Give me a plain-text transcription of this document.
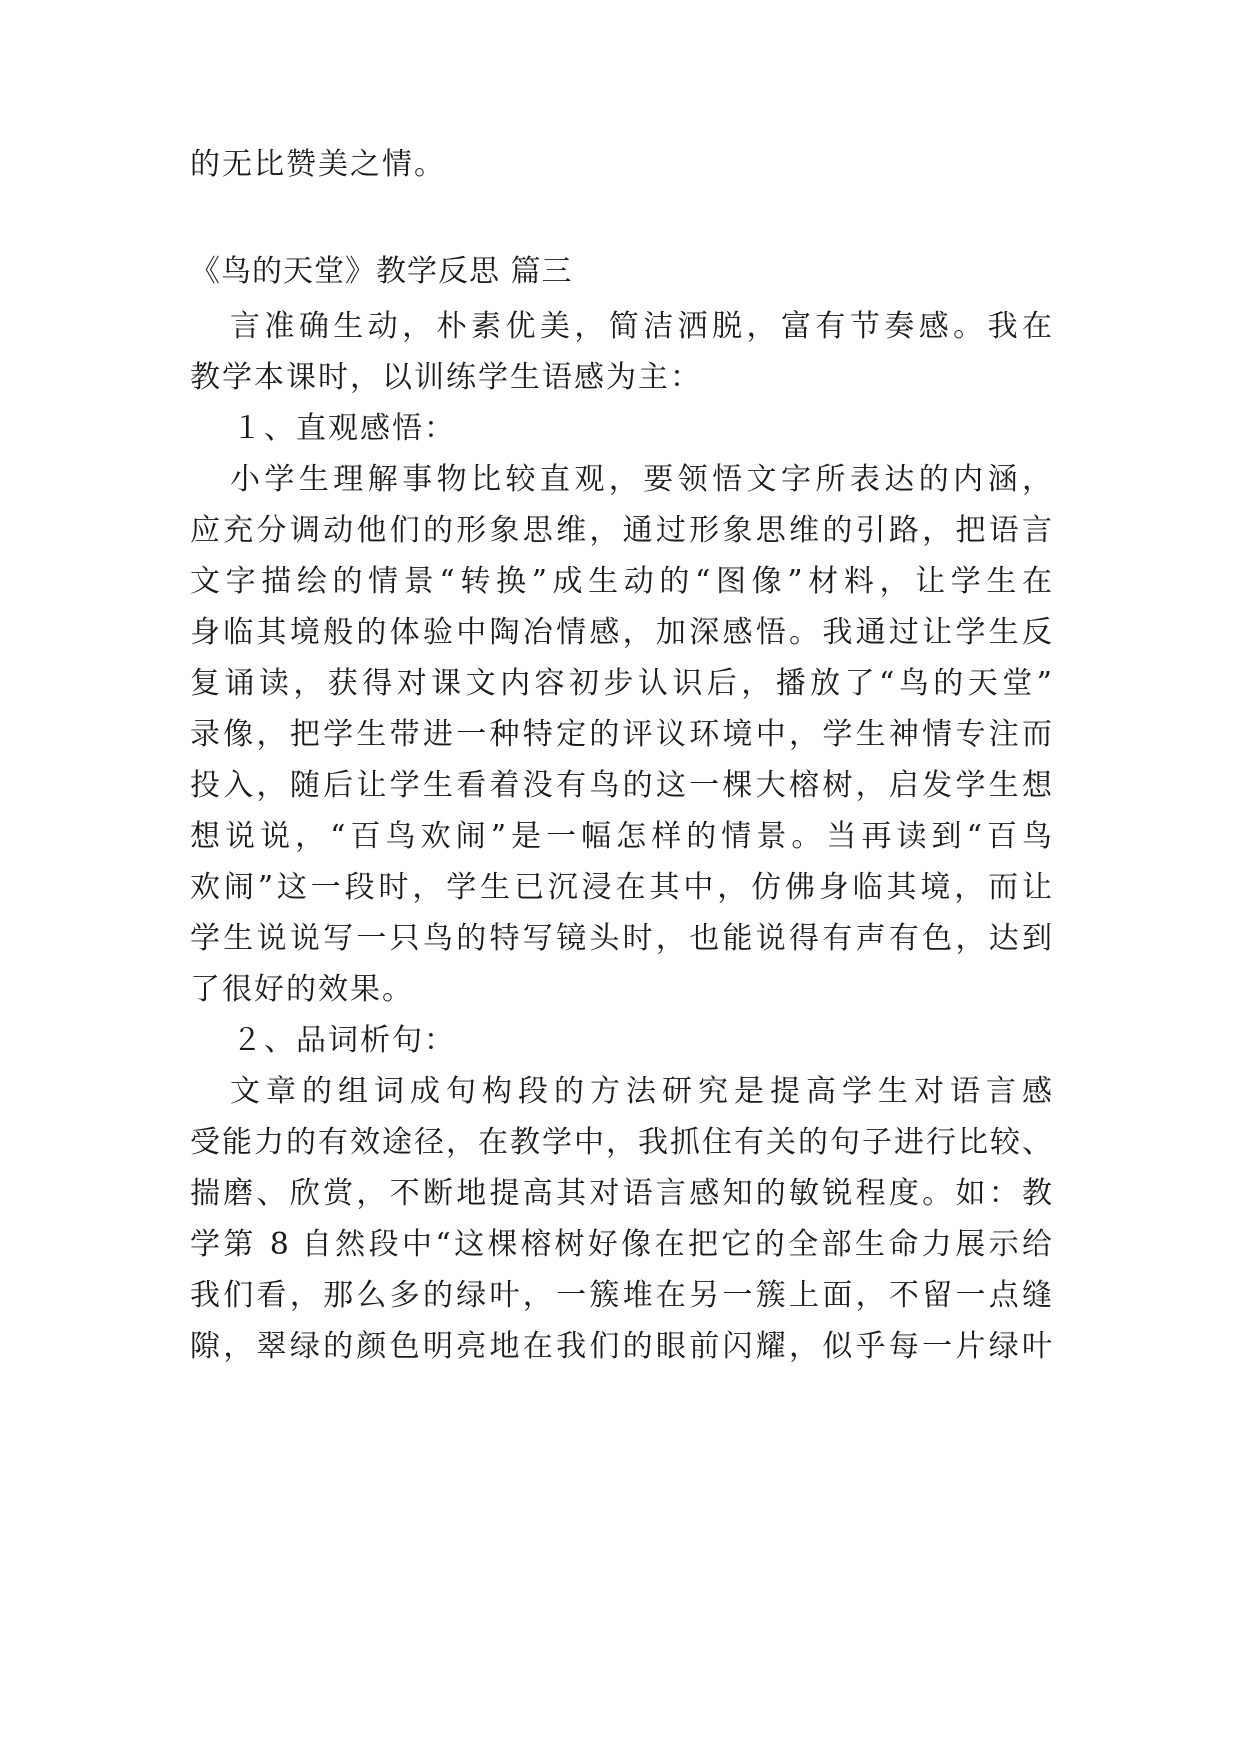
的无比赞美之情。
《鸟的天堂》教学反思 篇三
言准确生动，朴素优美，简洁洒脱，富有节奏感。我在
教学本课时，以训练学生语感为主：
１、直观感悟：
小学生理解事物比较直观，要领悟文字所表达的内涵，
应充分调动他们的形象思维，通过形象思维的引路，把语言
文字描绘的情景“转换”成生动的“图像”材料，让学生在
身临其境般的体验中陶冶情感，加深感悟。我通过让学生反
复诵读，获得对课文内容初步认识后，播放了“鸟的天堂”
录像，把学生带进一种特定的评议环境中，学生神情专注而
投入，随后让学生看着没有鸟的这一棵大榕树，启发学生想
想说说，“百鸟欢闹”是一幅怎样的情景。当再读到“百鸟
欢闹”这一段时，学生已沉浸在其中，仿佛身临其境，而让
学生说说写一只鸟的特写镜头时，也能说得有声有色，达到
了很好的效果。
２、品词析句：
文章的组词成句构段的方法研究是提高学生对语言感
受能力的有效途径，在教学中，我抓住有关的句子进行比较、
揣磨、欣赏，不断地提高其对语言感知的敏锐程度。如：教
学第 8 自然段中“这棵榕树好像在把它的全部生命力展示给
我们看，那么多的绿叶，一簇堆在另一簇上面，不留一点缝
隙，翠绿的颜色明亮地在我们的眼前闪耀，似乎每一片绿叶
